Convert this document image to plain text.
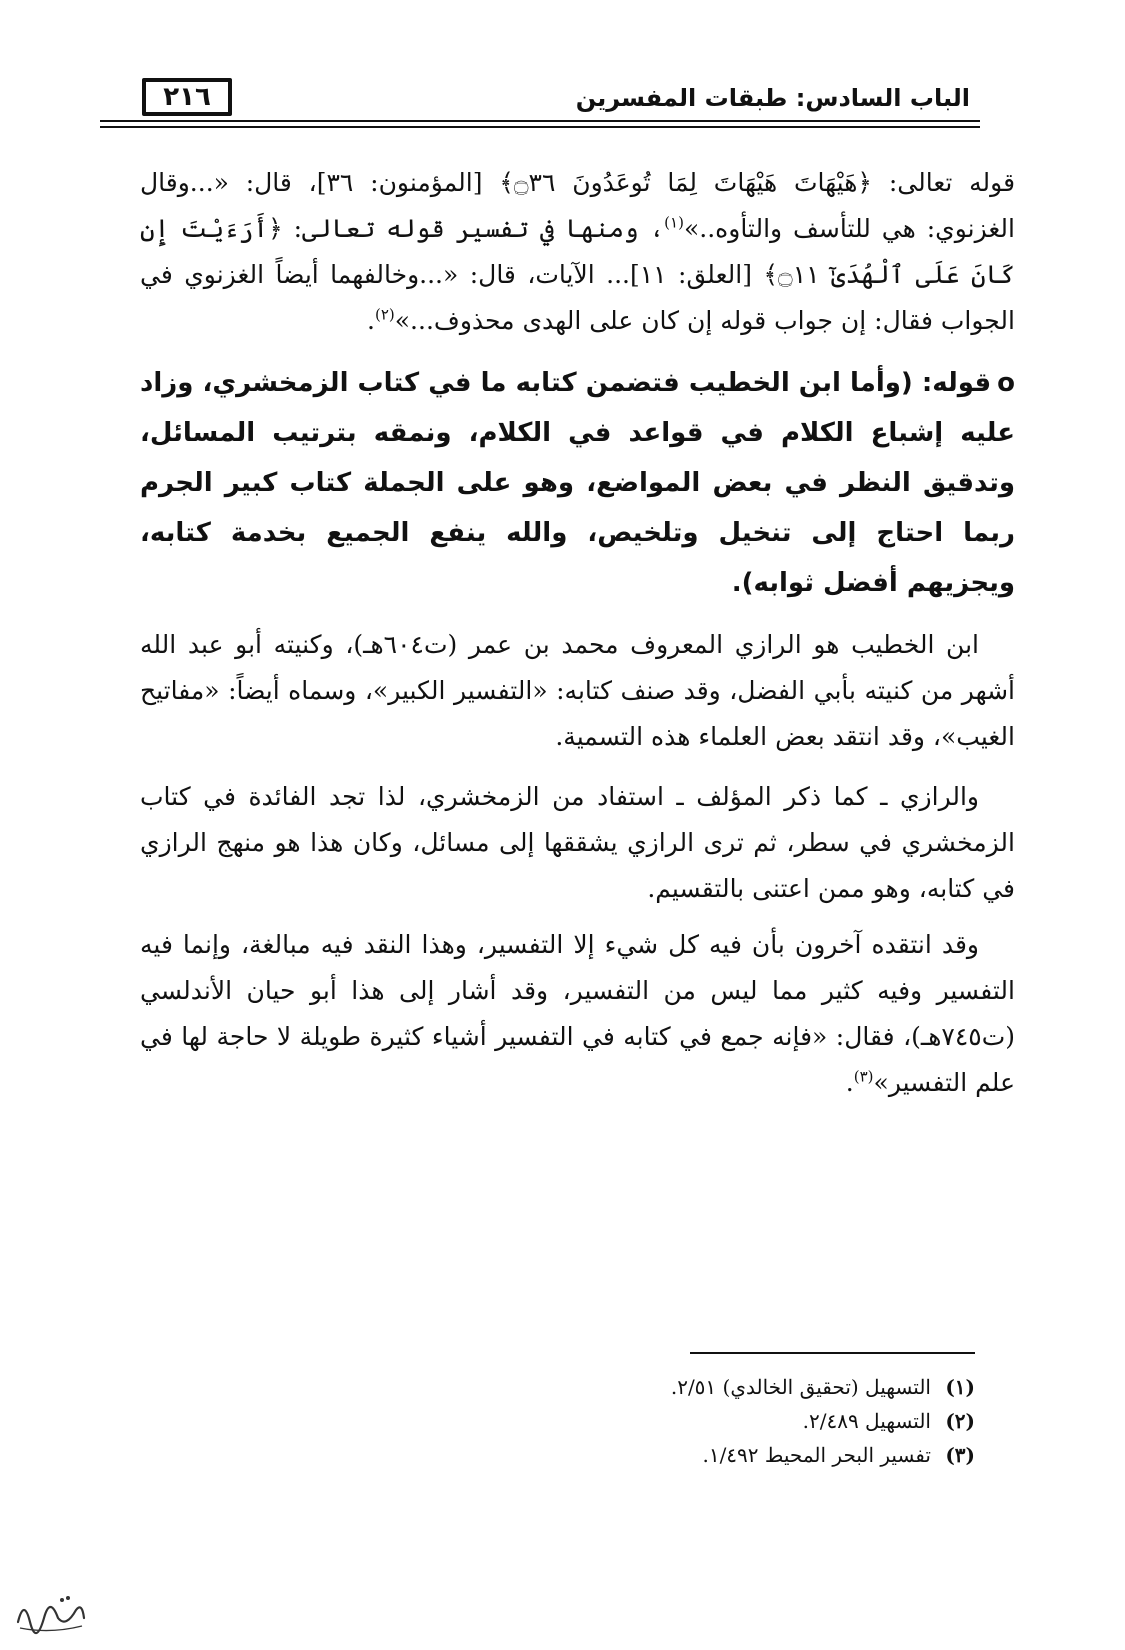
الباب السادس: طبقات المفسرين
٢١٦

قوله تعالى: ﴿هَيْهَاتَ هَيْهَاتَ لِمَا تُوعَدُونَ ۝٣٦﴾ [المؤمنون: ٣٦]، قال: «...وقال الغزنوي: هي للتأسف والتأوه..»$^{(١)}$، ومنها في تفسير قوله تعالى: ﴿أَرَءَيْتَ إِن كَانَ عَلَى ٱلْهُدَىٰٓ ۝١١﴾ [العلق: ١١]... الآيات، قال: «...وخالفهما أيضاً الغزنوي في الجواب فقال: إن جواب قوله إن كان على الهدى محذوف...»$^{(٢)}$.

oقوله: (وأما ابن الخطيب فتضمن كتابه ما في كتاب الزمخشري، وزاد عليه إشباع الكلام في قواعد في الكلام، ونمقه بترتيب المسائل، وتدقيق النظر في بعض المواضع، وهو على الجملة كتاب كبير الجرم ربما احتاج إلى تنخيل وتلخيص، والله ينفع الجميع بخدمة كتابه، ويجزيهم أفضل ثوابه).

ابن الخطيب هو الرازي المعروف محمد بن عمر (ت٦٠٤هـ)، وكنيته أبو عبد الله أشهر من كنيته بأبي الفضل، وقد صنف كتابه: «التفسير الكبير»، وسماه أيضاً: «مفاتيح الغيب»، وقد انتقد بعض العلماء هذه التسمية.

والرازي ـ كما ذكر المؤلف ـ استفاد من الزمخشري، لذا تجد الفائدة في كتاب الزمخشري في سطر، ثم ترى الرازي يشققها إلى مسائل، وكان هذا هو منهج الرازي في كتابه، وهو ممن اعتنى بالتقسيم.

وقد انتقده آخرون بأن فيه كل شيء إلا التفسير، وهذا النقد فيه مبالغة، وإنما فيه التفسير وفيه كثير مما ليس من التفسير، وقد أشار إلى هذا أبو حيان الأندلسي (ت٧٤٥هـ)، فقال: «فإنه جمع في كتابه في التفسير أشياء كثيرة طويلة لا حاجة لها في علم التفسير»$^{(٣)}$.

(١)
التسهيل (تحقيق الخالدي) ٢/٥١.
(٢)
التسهيل ٢/٤٨٩.
(٣)
تفسير البحر المحيط ١/٤٩٢.
